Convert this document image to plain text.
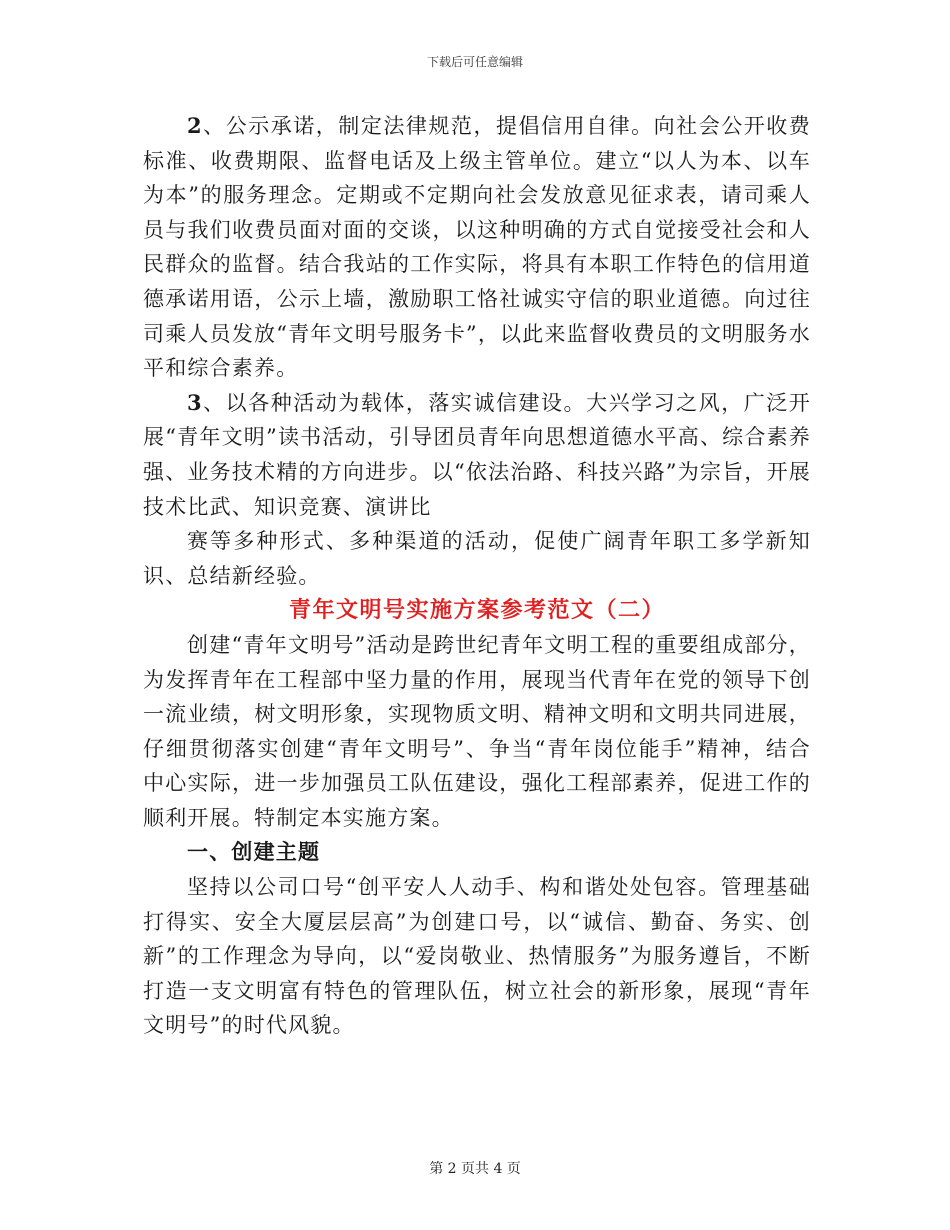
下载后可任意编辑

2、公示承诺，制定法律规范，提倡信用自律。向社会公开收费标准、收费期限、监督电话及上级主管单位。建立“以人为本、以车为本”的服务理念。定期或不定期向社会发放意见征求表，请司乘人员与我们收费员面对面的交谈，以这种明确的方式自觉接受社会和人民群众的监督。结合我站的工作实际，将具有本职工作特色的信用道德承诺用语，公示上墙，激励职工恪社诚实守信的职业道德。向过往司乘人员发放“青年文明号服务卡”，以此来监督收费员的文明服务水平和综合素养。

3、以各种活动为载体，落实诚信建设。大兴学习之风，广泛开展“青年文明”读书活动，引导团员青年向思想道德水平高、综合素养强、业务技术精的方向进步。以“依法治路、科技兴路”为宗旨，开展技术比武、知识竞赛、演讲比

赛等多种形式、多种渠道的活动，促使广阔青年职工多学新知识、总结新经验。

青年文明号实施方案参考范文（二）

创建“青年文明号”活动是跨世纪青年文明工程的重要组成部分，为发挥青年在工程部中坚力量的作用，展现当代青年在党的领导下创一流业绩，树文明形象，实现物质文明、精神文明和文明共同进展，仔细贯彻落实创建“青年文明号”、争当“青年岗位能手”精神，结合中心实际，进一步加强员工队伍建设，强化工程部素养，促进工作的顺利开展。特制定本实施方案。

一、创建主题

坚持以公司口号“创平安人人动手、构和谐处处包容。管理基础打得实、安全大厦层层高”为创建口号，以“诚信、勤奋、务实、创新”的工作理念为导向，以“爱岗敬业、热情服务”为服务遵旨，不断打造一支文明富有特色的管理队伍，树立社会的新形象，展现“青年文明号”的时代风貌。

第 2 页共 4 页
